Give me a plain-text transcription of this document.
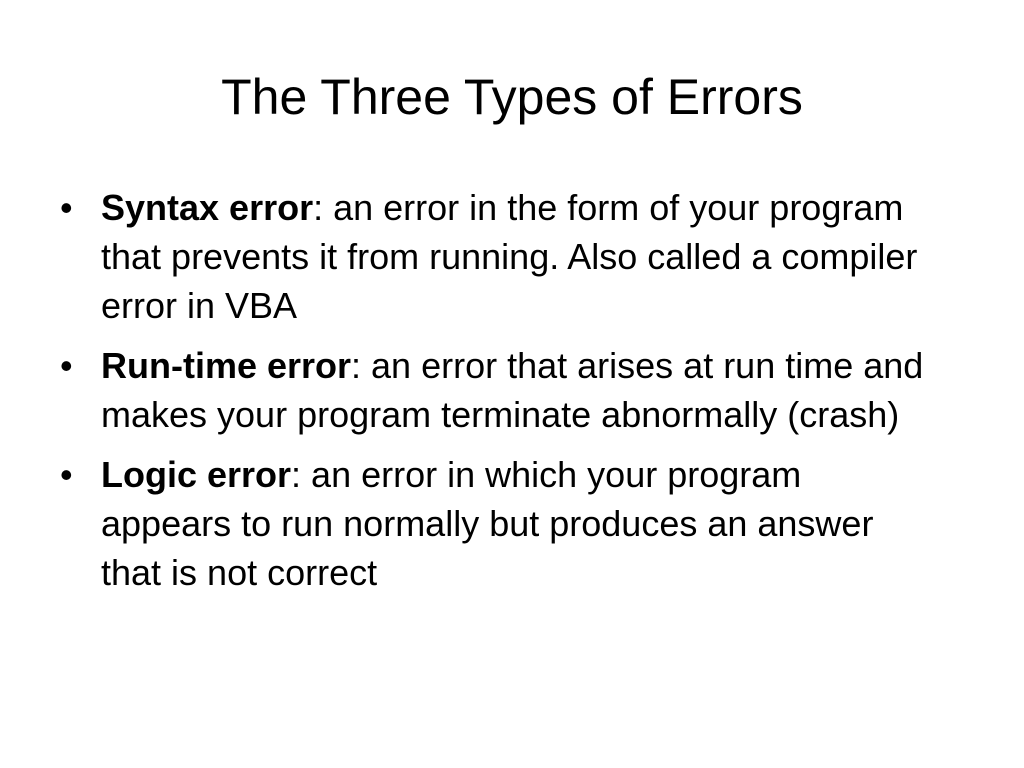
The Three Types of Errors
• Syntax error: an error in the form of your program that prevents it from running. Also called a compiler error in VBA
• Run-time error: an error that arises at run time and makes your program terminate abnormally (crash)
• Logic error: an error in which your program appears to run normally but produces an answer that is not correct
